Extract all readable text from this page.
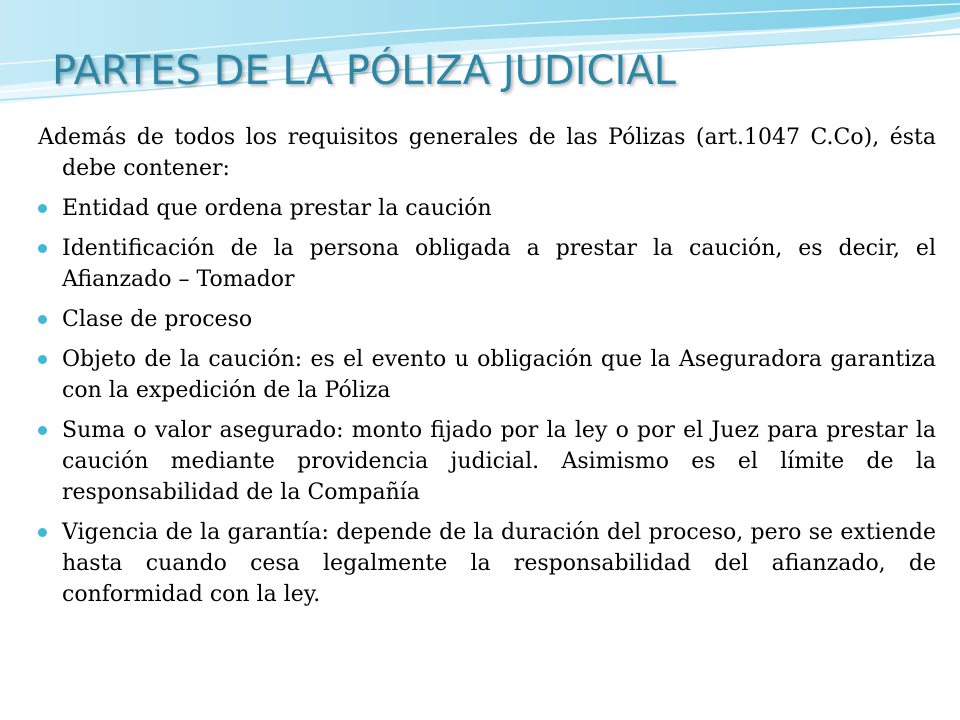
PARTES DE LA PÓLIZA JUDICIAL

Además de todos los requisitos generales de las Pólizas (art.1047 C.Co), ésta debe contener:

Entidad que ordena prestar la caución
Identificación de la persona obligada a prestar la caución, es decir, el Afianzado – Tomador
Clase de proceso
Objeto de la caución: es el evento u obligación que la Aseguradora garantiza con la expedición de la Póliza
Suma o valor asegurado: monto fijado por la ley o por el Juez para prestar la caución mediante providencia judicial. Asimismo es el límite de la responsabilidad de la Compañía
Vigencia de la garantía: depende de la duración del proceso, pero se extiende hasta cuando cesa legalmente la responsabilidad del afianzado, de conformidad con la ley.
